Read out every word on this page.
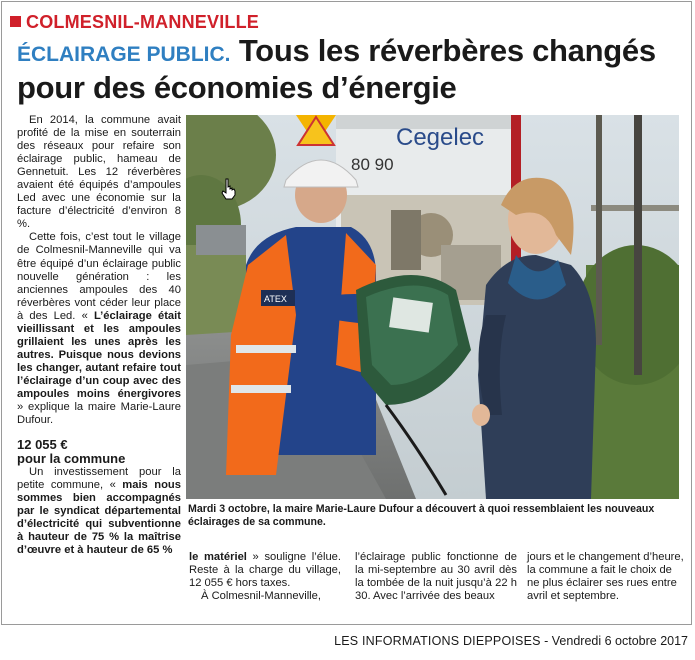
COLMESNIL-MANNEVILLE
ÉCLAIRAGE PUBLIC. Tous les réverbères changés
pour des économies d’énergie

En 2014, la commune avait profité de la mise en souterrain des réseaux pour refaire son éclairage public, hameau de Gennetuit. Les 12 réverbères avaient été équipés d’ampoules Led avec une économie sur la facture d’électricité d’environ 8 %.

Cette fois, c’est tout le village de Colmesnil-Manneville qui va être équipé d’un éclairage public nouvelle génération : les anciennes ampoules des 40 réverbères vont céder leur place à des Led. « L’éclairage était vieillissant et les ampoules grillaient les unes après les autres. Puisque nous devions les changer, autant refaire tout l’éclairage d’un coup avec des ampoules moins énergivores » explique la maire Marie-Laure Dufour.

12 055 €
pour la commune

Un investissement pour la petite commune, « mais nous sommes bien accompagnés par le syndicat départemental d’électricité qui subventionne à hauteur de 75 % la maîtrise d’œuvre et à hauteur de 65 %

Cegelec
80 90
ATEX
Mardi 3 octobre, la maire Marie-Laure Dufour a découvert à quoi ressemblaient les nouveaux éclairages de sa commune.

le matériel » souligne l’élue. Reste à la charge du village, 12 055 € hors taxes.

À Colmesnil-Manneville,

l’éclairage public fonctionne de la mi-septembre au 30 avril dès la tombée de la nuit jusqu’à 22 h 30. Avec l’arrivée des beaux

jours et le changement d’heure, la commune a fait le choix de ne plus éclairer ses rues entre avril et septembre.

LES INFORMATIONS DIEPPOISES - Vendredi 6 octobre 2017
